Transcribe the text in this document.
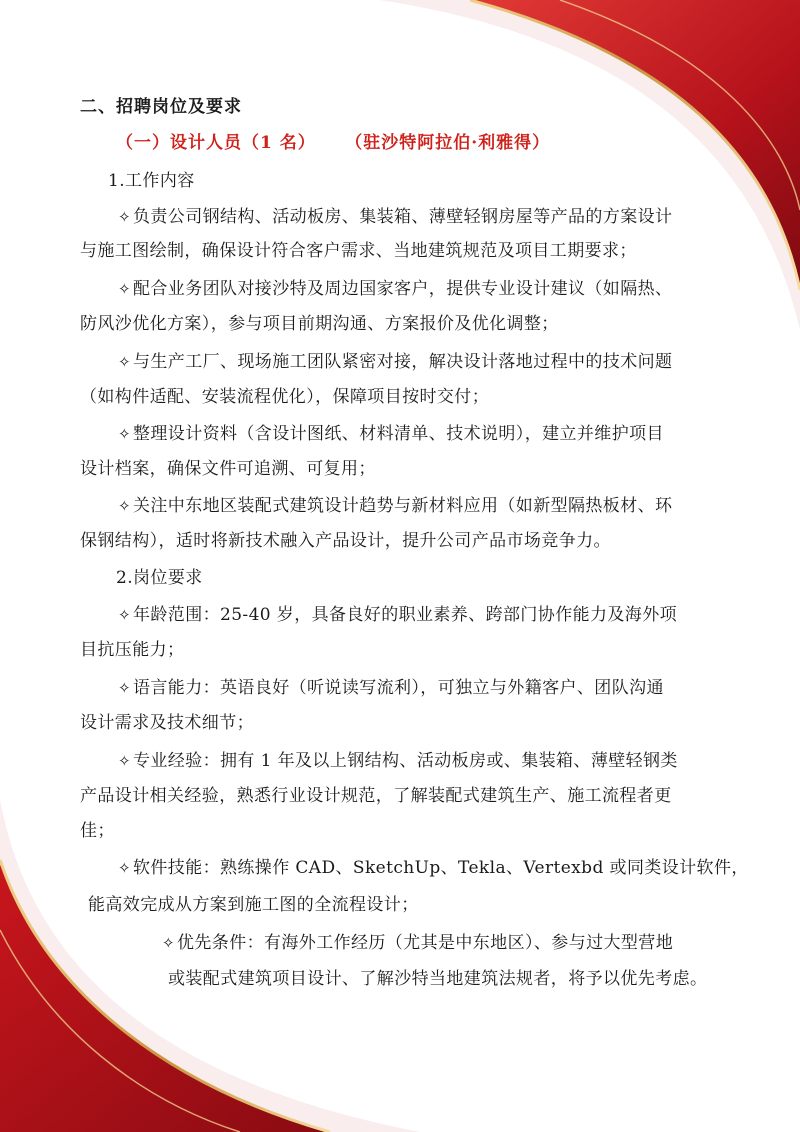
二、招聘岗位及要求
（一）设计人员（1 名） （驻沙特阿拉伯·利雅得）
1.工作内容
✧ 负责公司钢结构、活动板房、集装箱、薄壁轻钢房屋等产品的方案设计
与施工图绘制，确保设计符合客户需求、当地建筑规范及项目工期要求；
✧ 配合业务团队对接沙特及周边国家客户，提供专业设计建议（如隔热、
防风沙优化方案），参与项目前期沟通、方案报价及优化调整；
✧ 与生产工厂、现场施工团队紧密对接，解决设计落地过程中的技术问题
（如构件适配、安装流程优化），保障项目按时交付；
✧ 整理设计资料（含设计图纸、材料清单、技术说明），建立并维护项目
设计档案，确保文件可追溯、可复用；
✧ 关注中东地区装配式建筑设计趋势与新材料应用（如新型隔热板材、环
保钢结构），适时将新技术融入产品设计，提升公司产品市场竞争力。
2.岗位要求
✧ 年龄范围：25-40 岁，具备良好的职业素养、跨部门协作能力及海外项
目抗压能力；
✧ 语言能力：英语良好（听说读写流利），可独立与外籍客户、团队沟通
设计需求及技术细节；
✧ 专业经验：拥有 1 年及以上钢结构、活动板房或、集装箱、薄壁轻钢类
产品设计相关经验，熟悉行业设计规范，了解装配式建筑生产、施工流程者更
佳；
✧ 软件技能：熟练操作 CAD、SketchUp、Tekla、Vertexbd 或同类设计软件，
能高效完成从方案到施工图的全流程设计；
✧ 优先条件：有海外工作经历（尤其是中东地区）、参与过大型营地
或装配式建筑项目设计、了解沙特当地建筑法规者，将予以优先考虑。
